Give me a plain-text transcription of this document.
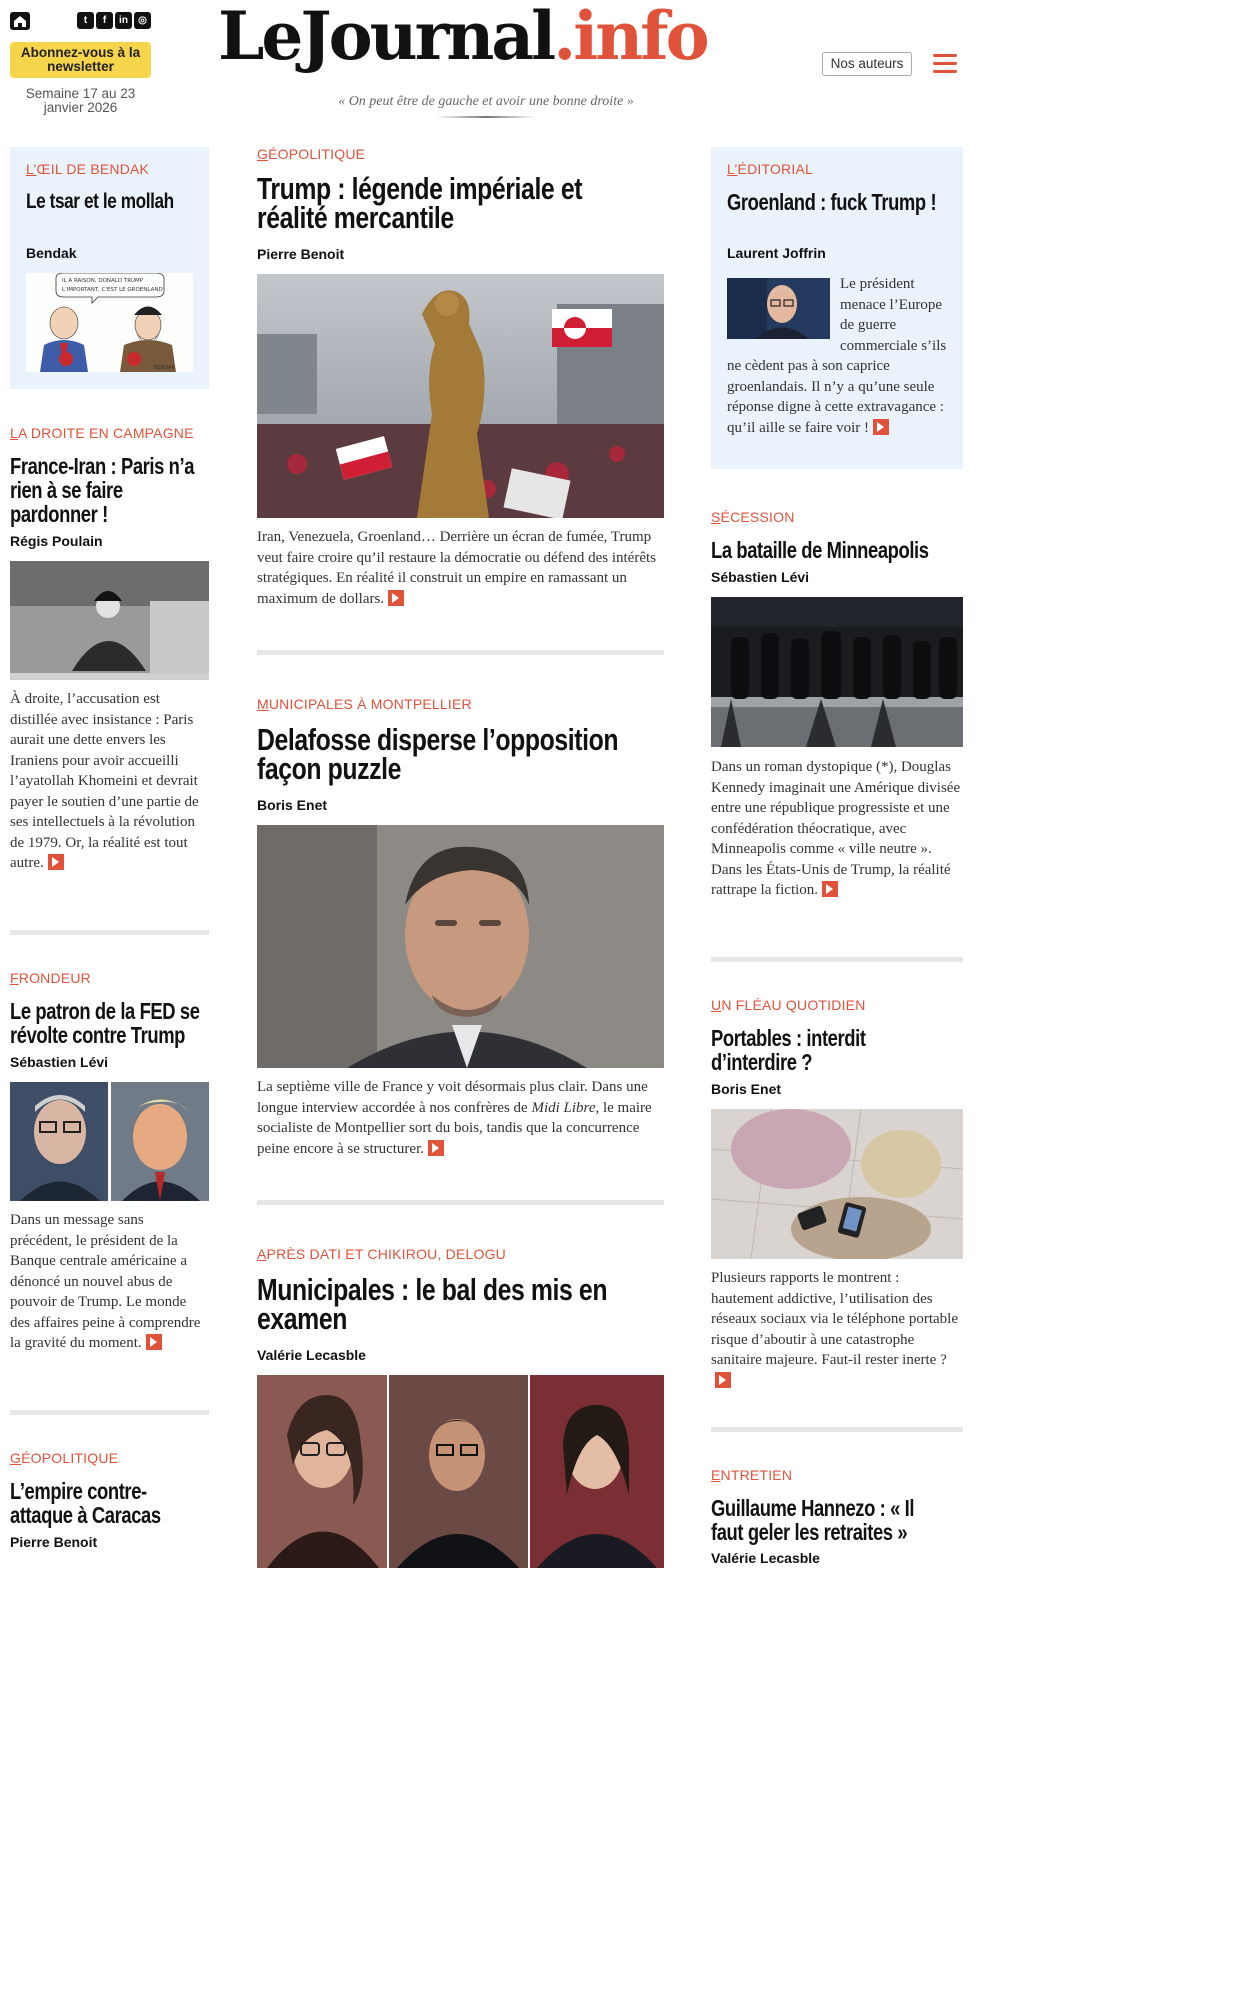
t	f	in	◎
Abonnez-vous à la newsletter
Semaine 17 au 23 janvier 2026
LeJournal.info
« On peut être de gauche et avoir une bonne droite »
Nos auteurs
L’ŒIL DE BENDAK
Le tsar et le mollah
Bendak
IL A RAISON, DONALD TRUMP
L'IMPORTANT, C'EST LE GROENLAND
BENDAK
LA DROITE EN CAMPAGNE
France-Iran : Paris n’a rien à se faire pardonner !
Régis Poulain
À droite, l’accusation est distillée avec insistance : Paris aurait une dette envers les Iraniens pour avoir accueilli l’ayatollah Khomeini et devrait payer le soutien d’une partie de ses intellectuels à la révolution de 1979. Or, la réalité est tout autre.
FRONDEUR
Le patron de la FED se révolte contre Trump
Sébastien Lévi
Dans un message sans précédent, le président de la Banque centrale américaine a dénoncé un nouvel abus de pouvoir de Trump. Le monde des affaires peine à comprendre la gravité du moment.
GÉOPOLITIQUE
L’empire contre-attaque à Caracas
Pierre Benoit
GÉOPOLITIQUE
Trump : légende impériale et réalité mercantile
Pierre Benoit
Iran, Venezuela, Groenland… Derrière un écran de fumée, Trump veut faire croire qu’il restaure la démocratie ou défend des intérêts stratégiques. En réalité il construit un empire en ramassant un maximum de dollars.
MUNICIPALES À MONTPELLIER
Delafosse disperse l’opposition façon puzzle
Boris Enet
La septième ville de France y voit désormais plus clair. Dans une longue interview accordée à nos confrères de Midi Libre, le maire socialiste de Montpellier sort du bois, tandis que la concurrence peine encore à se structurer.
APRÈS DATI ET CHIKIROU, DELOGU
Municipales : le bal des mis en examen
Valérie Lecasble
L’ÉDITORIAL
Groenland : fuck Trump !
Laurent Joffrin
Le président menace l’Europe de guerre commerciale s’ils ne cèdent pas à son caprice groenlandais. Il n’y a qu’une seule réponse digne à cette extravagance : qu’il aille se faire voir !
SÉCESSION
La bataille de Minneapolis
Sébastien Lévi
Dans un roman dystopique (*), Douglas Kennedy imaginait une Amérique divisée entre une république progressiste et une confédération théocratique, avec Minneapolis comme « ville neutre ». Dans les États-Unis de Trump, la réalité rattrape la fiction.
UN FLÉAU QUOTIDIEN
Portables : interdit d’interdire ?
Boris Enet
Plusieurs rapports le montrent : hautement addictive, l’utilisation des réseaux sociaux via le téléphone portable risque d’aboutir à une catastrophe sanitaire majeure. Faut-il rester inerte ?
ENTRETIEN
Guillaume Hannezo : « Il faut geler les retraites »
Valérie Lecasble
